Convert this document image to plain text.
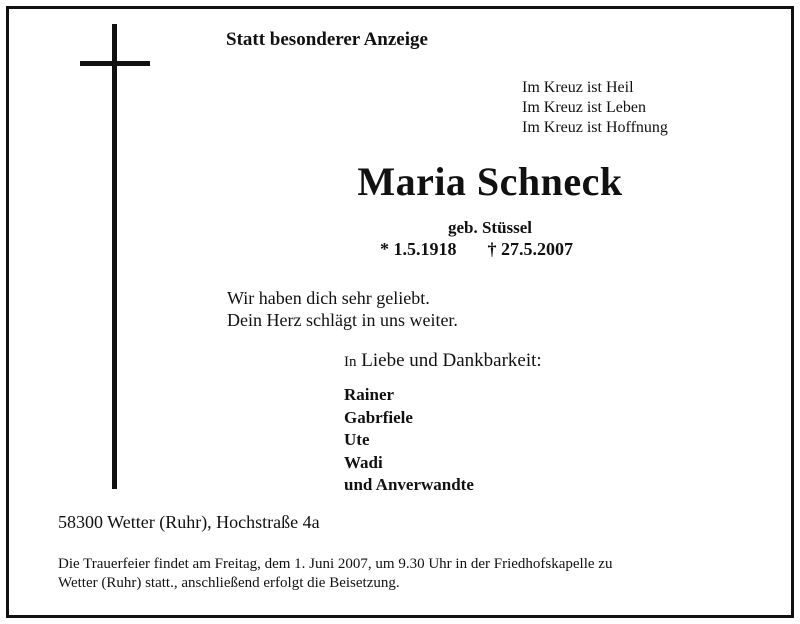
Statt besonderer Anzeige
Im Kreuz ist Heil
Im Kreuz ist Leben
Im Kreuz ist Hoffnung
Maria Schneck
geb. Stüssel
* 1.5.1918 † 27.5.2007
Wir haben dich sehr geliebt.
Dein Herz schlägt in uns weiter.
In Liebe und Dankbarkeit:
Rainer
Gabrfiele
Ute
Wadi
und Anverwandte
58300 Wetter (Ruhr), Hochstraße 4a
Die Trauerfeier findet am Freitag, dem 1. Juni 2007, um 9.30 Uhr in der Friedhofskapelle zu
Wetter (Ruhr) statt., anschließend erfolgt die Beisetzung.
